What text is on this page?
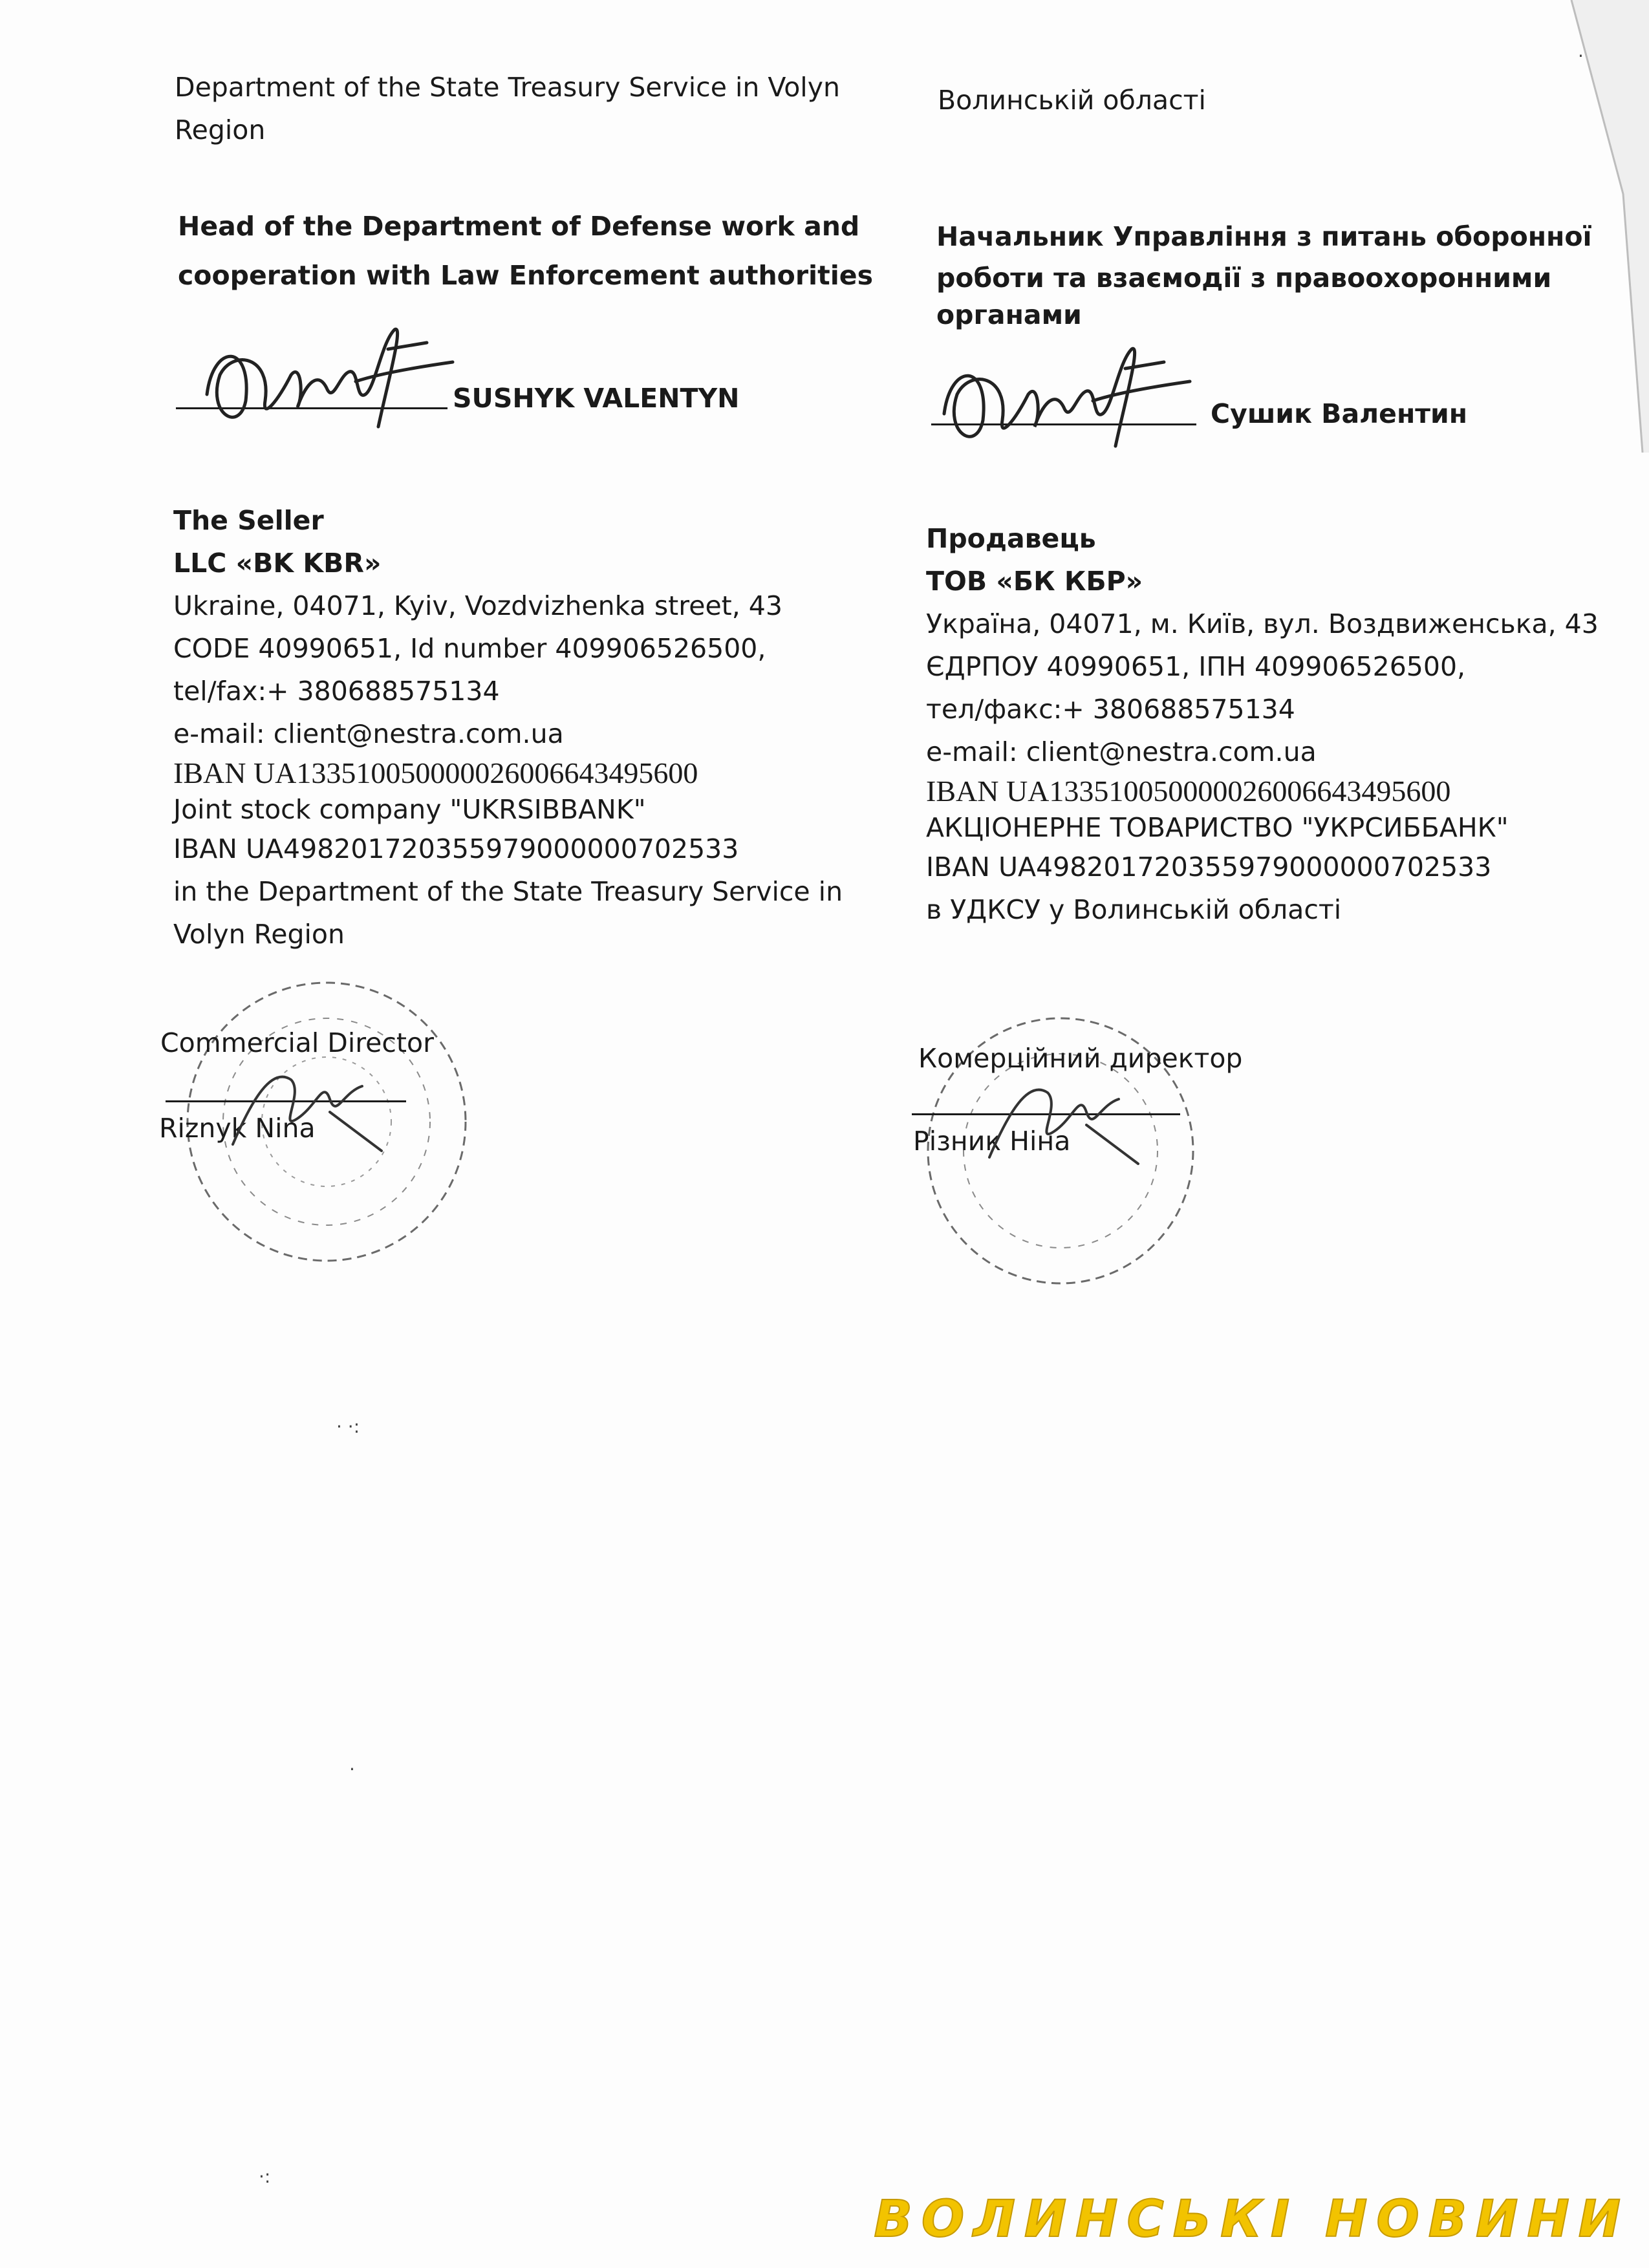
Department of the State Treasury Service in Volyn
Region
Head of the Department of Defense work and
cooperation with Law Enforcement authorities
SUSHYK VALENTYN
The Seller
LLC «BK KBR»
Ukraine, 04071, Kyiv, Vozdvizhenka street, 43
CODE 40990651, Id number 409906526500,
tel/fax:+ 380688575134
e-mail: client@nestra.com.ua
IBAN UA133510050000026006643495600
Joint stock company "UKRSIBBANK"
IBAN UA498201720355979000000702533
in the Department of the State Treasury Service in
Volyn Region
Commercial Director
Riznyk Nina
Волинській області
Начальник Управління з питань оборонної
роботи та взаємодії з правоохоронними
органами
Сушик Валентин
Продавець
ТОВ «БК КБР»
Україна, 04071, м. Київ, вул. Воздвиженська, 43
ЄДРПОУ 40990651, ІПН 409906526500,
тел/факс:+ 380688575134
e-mail: client@nestra.com.ua
IBAN UA133510050000026006643495600
АКЦІОНЕРНЕ ТОВАРИСТВО "УКРСИББАНК"
IBAN UA498201720355979000000702533
в УДКСУ у Волинській області
Комерційний директор
Різник Ніна
· ·:
·
·:
·
ВОЛИНСЬКІ НОВИНИ
